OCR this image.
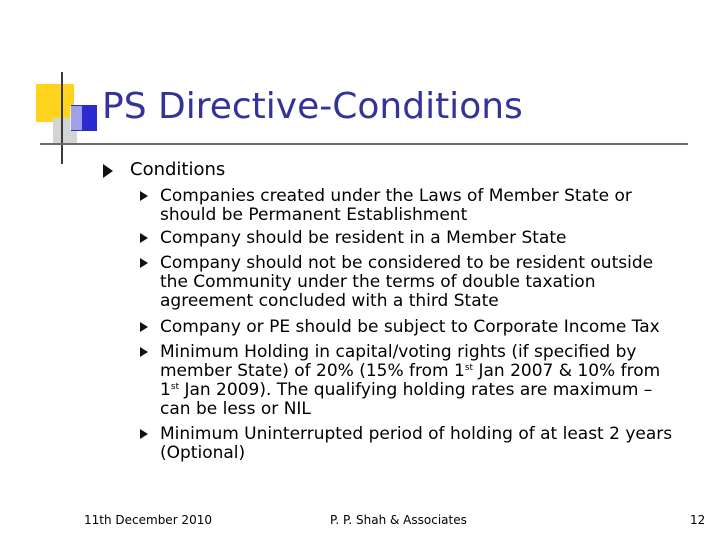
PS Directive-Conditions
Conditions
Companies created under the Laws of Member State or
should be Permanent Establishment
Company should be resident in a Member State
Company should not be considered to be resident outside
the Community under the terms of double taxation
agreement concluded with a third State
Company or PE should be subject to Corporate Income Tax
Minimum Holding in capital/voting rights (if specified by
member State) of 20% (15% from 1st Jan 2007 & 10% from
1st Jan 2009). The qualifying holding rates are maximum –
can be less or NIL
Minimum Uninterrupted period of holding of at least 2 years
(Optional)
11th December 2010	P. P. Shah & Associates	12
